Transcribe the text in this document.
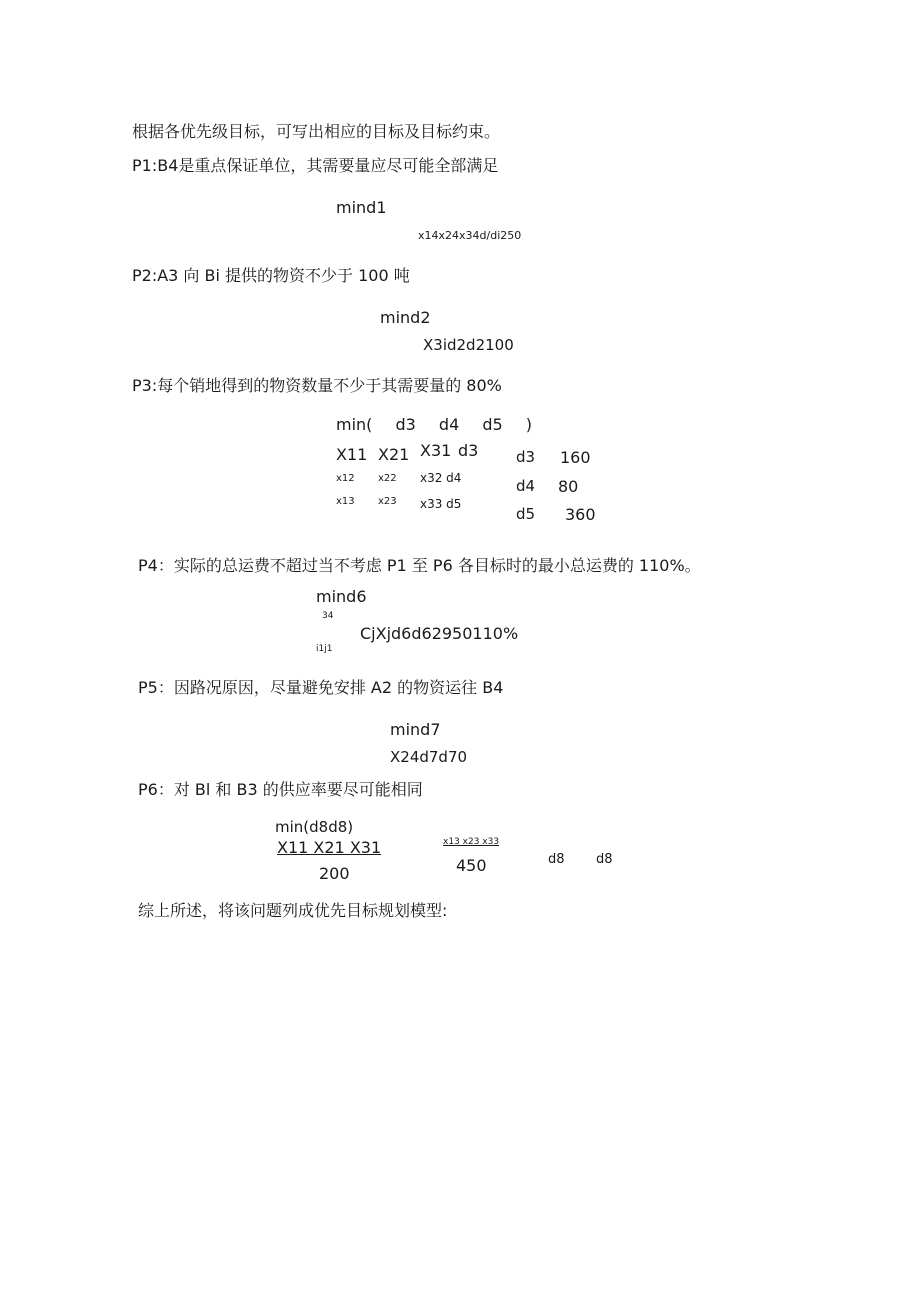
根据各优先级目标，可写出相应的目标及目标约束。
P1:B4是重点保证单位，其需要量应尽可能全部满足
mind1
x14x24x34d/di250
P2:A3 向 Bi 提供的物资不少于 100 吨
mind2
X3id2d2100
P3:每个销地得到的物资数量不少于其需要量的 80%
min( d3 d4 d5 )
X11 X21 X31 d3
x12 x22 x32 d4
x13 x23 x33 d5
d3 160
d4 80
d5 360
P4：实际的总运费不超过当不考虑 P1 至 P6 各目标时的最小总运费的 110%。
mind6
34
CjXjd6d62950110%
i1j1
P5：因路况原因，尽量避免安排 A2 的物资运往 B4
mind7
X24d7d70
P6：对 Bl 和 B3 的供应率要尽可能相同
min(d8d8)
X11 X21 X31
200
x13 x23 x33
450	d8 d8
综上所述，将该问题列成优先目标规划模型:
